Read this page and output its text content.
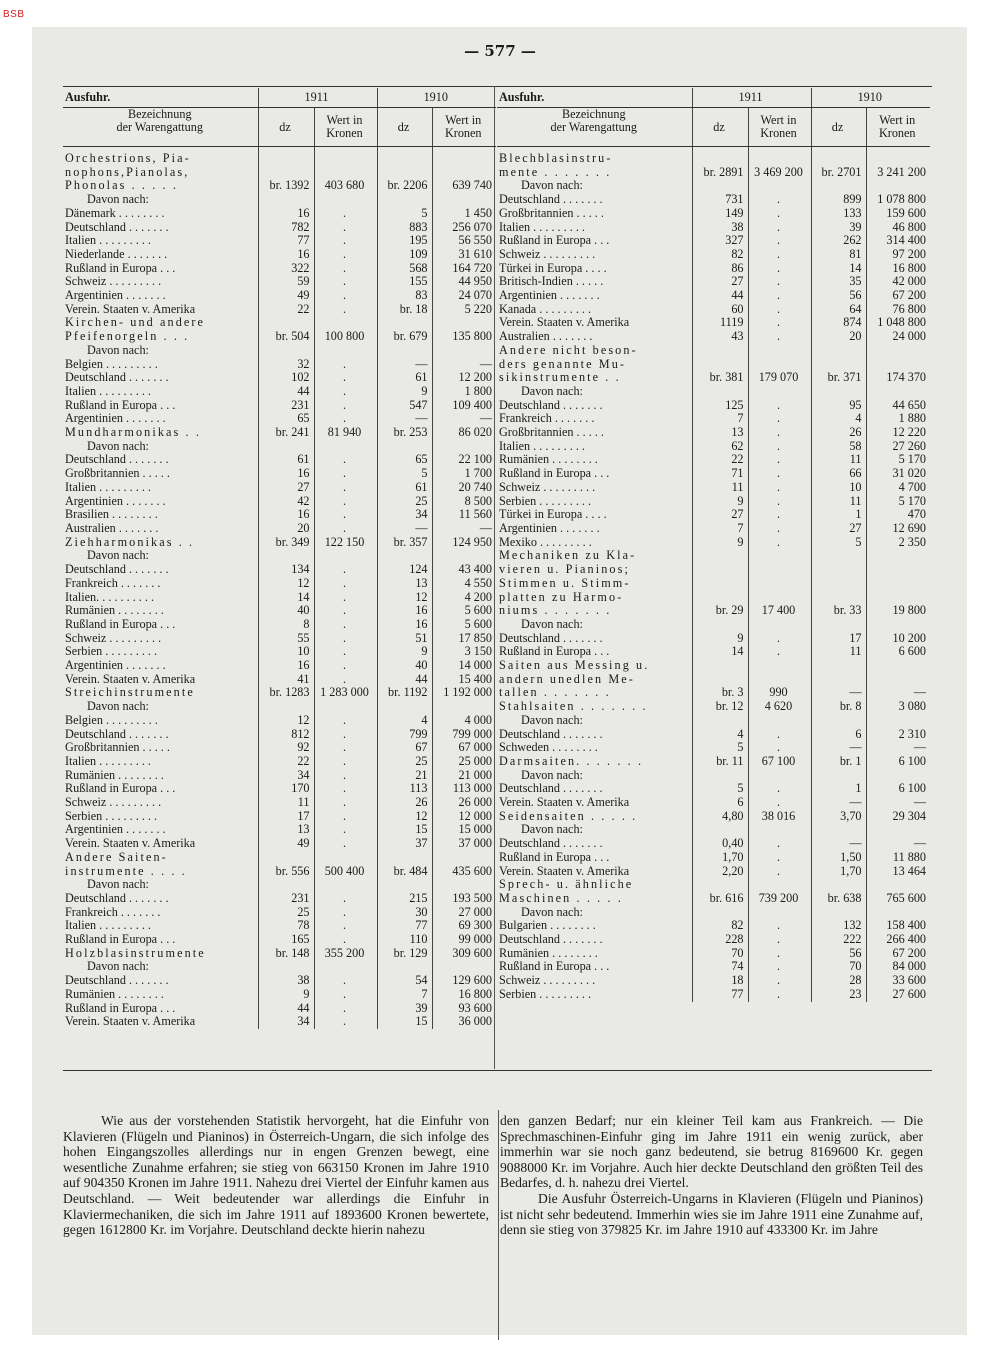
BSB
— 577 —
Ausfuhr.	1911		1910	
Bezeichnung
der Warengattung	dz	Wert in
Kronen	dz	Wert in
Kronen
Orchestrions, Pia-
nophons,Pianolas,
Phonolas . . . . .	br. 1392	403 680	br. 2206	639 740
Davon nach:				
Dänemark . . . . . . . .	16	.	5	1 450
Deutschland . . . . . . .	782	.	883	256 070
Italien . . . . . . . . .	77	.	195	56 550
Niederlande . . . . . . .	16	.	109	31 610
Rußland in Europa . . .	322	.	568	164 720
Schweiz . . . . . . . . .	59	.	155	44 950
Argentinien . . . . . . .	49	.	83	24 070
Verein. Staaten v. Amerika	22	.	br. 18	5 220
Kirchen- und andere
Pfeifenorgeln . . .	br. 504	100 800	br. 679	135 800
Davon nach:				
Belgien . . . . . . . . .	32	.	—	—
Deutschland . . . . . . .	102	.	61	12 200
Italien . . . . . . . . .	44	.	9	1 800
Rußland in Europa . . .	231	.	547	109 400
Argentinien . . . . . . .	65	.	—	—
Mundharmonikas . .	br. 241	81 940	br. 253	86 020
Davon nach:				
Deutschland . . . . . . .	61	.	65	22 100
Großbritannien . . . . .	16	.	5	1 700
Italien . . . . . . . . .	27	.	61	20 740
Argentinien . . . . . . .	42	.	25	8 500
Brasilien . . . . . . . .	16	.	34	11 560
Australien . . . . . . .	20	.	—	—
Ziehharmonikas . .	br. 349	122 150	br. 357	124 950
Davon nach:				
Deutschland . . . . . . .	134	.	124	43 400
Frankreich . . . . . . .	12	.	13	4 550
Italien. . . . . . . . . .	14	.	12	4 200
Rumänien . . . . . . . .	40	.	16	5 600
Rußland in Europa . . .	8	.	16	5 600
Schweiz . . . . . . . . .	55	.	51	17 850
Serbien . . . . . . . . .	10	.	9	3 150
Argentinien . . . . . . .	16	.	40	14 000
Verein. Staaten v. Amerika	41	.	44	15 400
Streichinstrumente	br. 1283	1 283 000	br. 1192	1 192 000
Davon nach:				
Belgien . . . . . . . . .	12	.	4	4 000
Deutschland . . . . . . .	812	.	799	799 000
Großbritannien . . . . .	92	.	67	67 000
Italien . . . . . . . . .	22	.	25	25 000
Rumänien . . . . . . . .	34	.	21	21 000
Rußland in Europa . . .	170	.	113	113 000
Schweiz . . . . . . . . .	11	.	26	26 000
Serbien . . . . . . . . .	17	.	12	12 000
Argentinien . . . . . . .	13	.	15	15 000
Verein. Staaten v. Amerika	49	.	37	37 000
Andere Saiten-
instrumente . . . .	br. 556	500 400	br. 484	435 600
Davon nach:				
Deutschland . . . . . . .	231	.	215	193 500
Frankreich . . . . . . .	25	.	30	27 000
Italien . . . . . . . . .	78	.	77	69 300
Rußland in Europa . . .	165	.	110	99 000
Holzblasinstrumente	br. 148	355 200	br. 129	309 600
Davon nach:				
Deutschland . . . . . . .	38	.	54	129 600
Rumänien . . . . . . . .	9	.	7	16 800
Rußland in Europa . . .	44	.	39	93 600
Verein. Staaten v. Amerika	34	.	15	36 000
Ausfuhr.	1911		1910	
Bezeichnung
der Warengattung	dz	Wert in
Kronen	dz	Wert in
Kronen
Blechblasinstru-
mente . . . . . . .	br. 2891	3 469 200	br. 2701	3 241 200
Davon nach:				
Deutschland . . . . . . .	731	.	899	1 078 800
Großbritannien . . . . .	149	.	133	159 600
Italien . . . . . . . . .	38	.	39	46 800
Rußland in Europa . . .	327	.	262	314 400
Schweiz . . . . . . . . .	82	.	81	97 200
Türkei in Europa . . . .	86	.	14	16 800
Britisch-Indien . . . . .	27	.	35	42 000
Argentinien . . . . . . .	44	.	56	67 200
Kanada . . . . . . . . .	60	.	64	76 800
Verein. Staaten v. Amerika	1119	.	874	1 048 800
Australien . . . . . . .	43	.	20	24 000
Andere nicht beson-
ders genannte Mu-
sikinstrumente . .	br. 381	179 070	br. 371	174 370
Davon nach:				
Deutschland . . . . . . .	125	.	95	44 650
Frankreich . . . . . . .	7	.	4	1 880
Großbritannien . . . . .	13	.	26	12 220
Italien . . . . . . . . .	62	.	58	27 260
Rumänien . . . . . . . .	22	.	11	5 170
Rußland in Europa . . .	71	.	66	31 020
Schweiz . . . . . . . . .	11	.	10	4 700
Serbien . . . . . . . . .	9	.	11	5 170
Türkei in Europa . . . .	27	.	1	470
Argentinien . . . . . . .	7	.	27	12 690
Mexiko . . . . . . . . .	9	.	5	2 350
Mechaniken zu Kla-
vieren u. Pianinos;
Stimmen u. Stimm-
platten zu Harmo-
niums . . . . . . .	br. 29	17 400	br. 33	19 800
Davon nach:				
Deutschland . . . . . . .	9	.	17	10 200
Rußland in Europa . . .	14	.	11	6 600
Saiten aus Messing u.
andern unedlen Me-
tallen . . . . . . .	br. 3	990	—	—
Stahlsaiten . . . . . . .	br. 12	4 620	br. 8	3 080
Davon nach:				
Deutschland . . . . . . .	4	.	6	2 310
Schweden . . . . . . . .	5	.	—	—
Darmsaiten. . . . . . .	br. 11	67 100	br. 1	6 100
Davon nach:				
Deutschland . . . . . . .	5	.	1	6 100
Verein. Staaten v. Amerika	6	.	—	—
Seidensaiten . . . . .	4,80	38 016	3,70	29 304
Davon nach:				
Deutschland . . . . . . .	0,40	.	—	—
Rußland in Europa . . .	1,70	.	1,50	11 880
Verein. Staaten v. Amerika	2,20	.	1,70	13 464
Sprech- u. ähnliche
Maschinen . . . . .	br. 616	739 200	br. 638	765 600
Davon nach:				
Bulgarien . . . . . . . .	82	.	132	158 400
Deutschland . . . . . . .	228	.	222	266 400
Rumänien . . . . . . . .	70	.	56	67 200
Rußland in Europa . . .	74	.	70	84 000
Schweiz . . . . . . . . .	18	.	28	33 600
Serbien . . . . . . . . .	77	.	23	27 600

Wie aus der vorstehenden Statistik hervorgeht, hat die Einfuhr von Klavieren (Flügeln und Pianinos) in Österreich-Ungarn, die sich infolge des hohen Eingangszolles allerdings nur in engen Grenzen bewegt, eine wesentliche Zunahme erfahren; sie stieg von 663150 Kronen im Jahre 1910 auf 904350 Kronen im Jahre 1911. Nahezu drei Viertel der Einfuhr kamen aus Deutschland. — Weit bedeutender war allerdings die Einfuhr in Klaviermechaniken, die sich im Jahre 1911 auf 1893600 Kronen bewertete, gegen 1612800 Kr. im Vorjahre. Deutschland deckte hierin nahezu

den ganzen Bedarf; nur ein kleiner Teil kam aus Frankreich. — Die Sprechmaschinen-Einfuhr ging im Jahre 1911 ein wenig zurück, aber immerhin war sie noch ganz bedeutend, sie betrug 8169600 Kr. gegen 9088000 Kr. im Vorjahre. Auch hier deckte Deutschland den größten Teil des Bedarfes, d. h. nahezu drei Viertel.

Die Ausfuhr Österreich-Ungarns in Klavieren (Flügeln und Pianinos) ist nicht sehr bedeutend. Immerhin wies sie im Jahre 1911 eine Zunahme auf, denn sie stieg von 379825 Kr. im Jahre 1910 auf 433300 Kr. im Jahre
